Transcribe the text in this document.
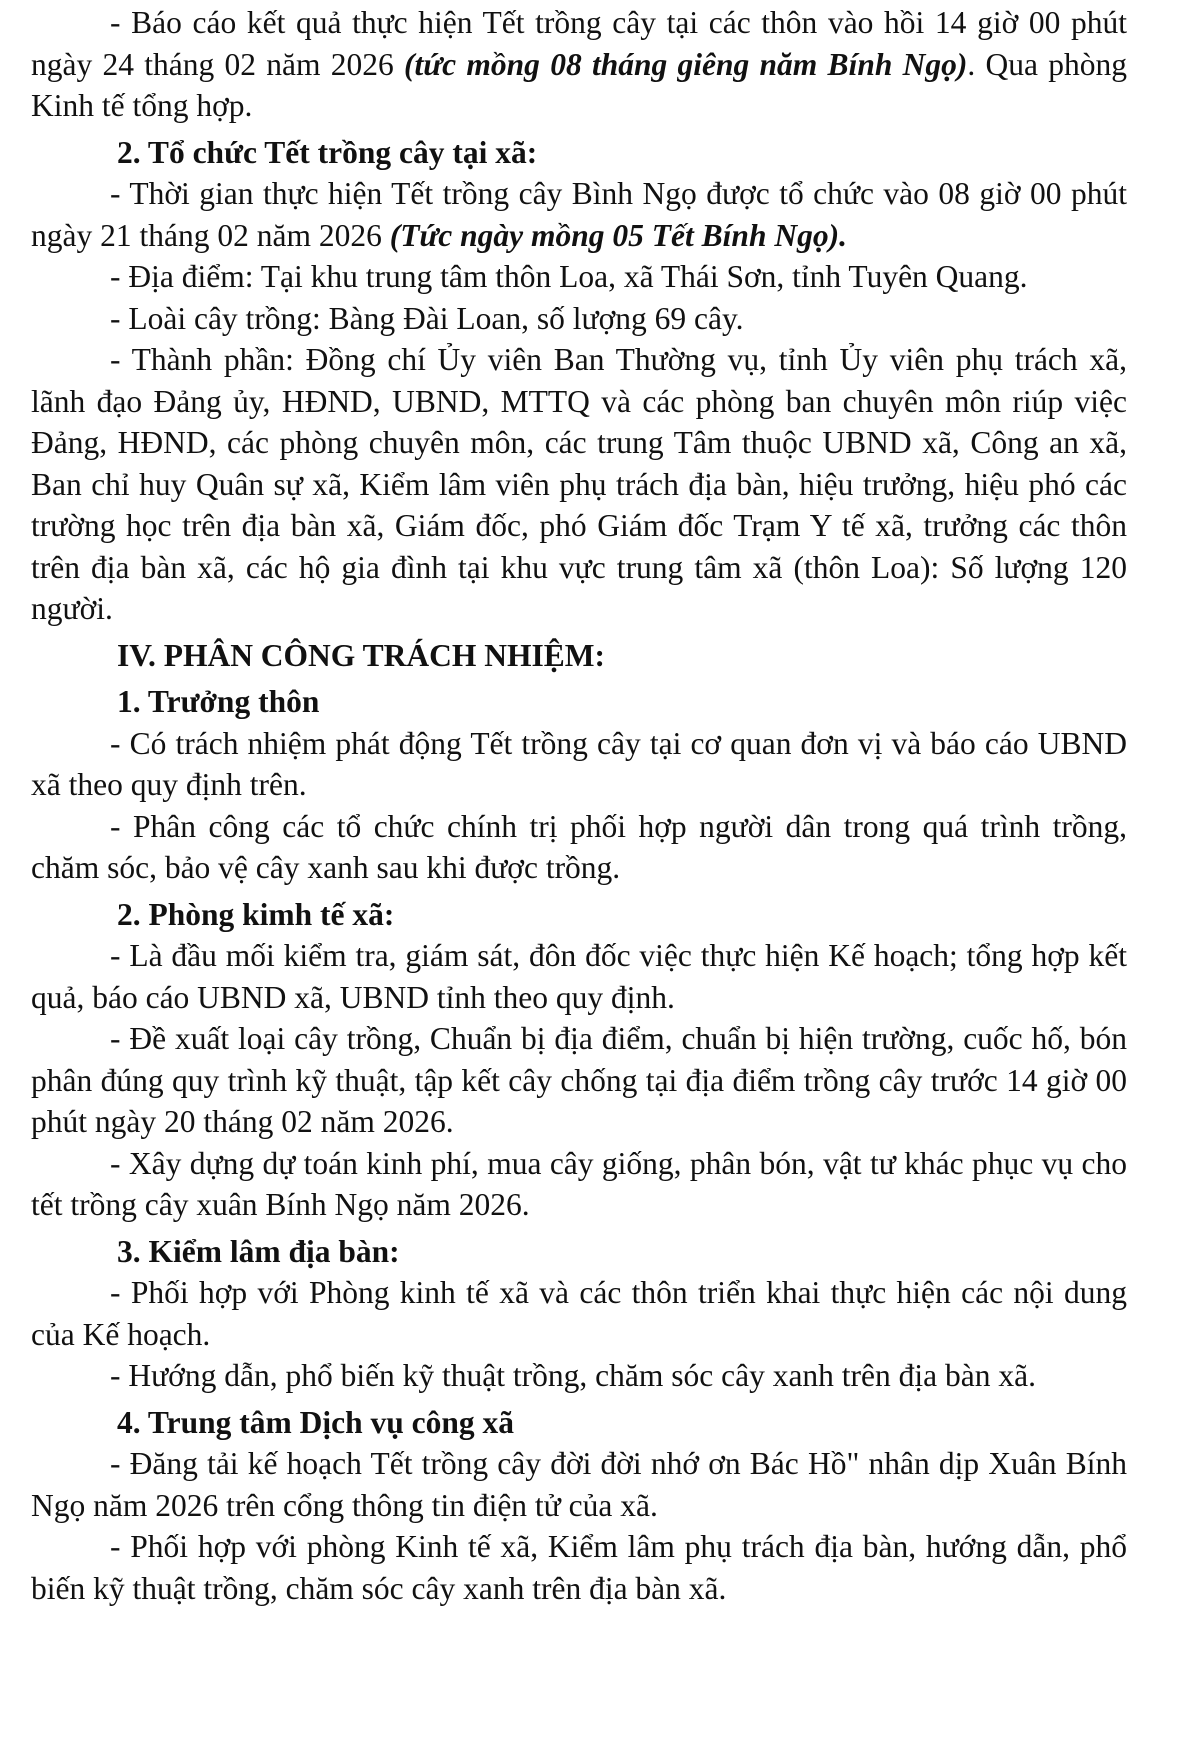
- Báo cáo kết quả thực hiện Tết trồng cây tại các thôn vào hồi 14 giờ 00 phút ngày 24 tháng 02 năm 2026 (tức mồng 08 tháng giêng năm Bính Ngọ). Qua phòng Kinh tế tổng hợp.

2. Tổ chức Tết trồng cây tại xã:

- Thời gian thực hiện Tết trồng cây Bình Ngọ được tổ chức vào 08 giờ 00 phút ngày 21 tháng 02 năm 2026 (Tức ngày mồng 05 Tết Bính Ngọ).

- Địa điểm: Tại khu trung tâm thôn Loa, xã Thái Sơn, tỉnh Tuyên Quang.

- Loài cây trồng: Bàng Đài Loan, số lượng 69 cây.

- Thành phần: Đồng chí Ủy viên Ban Thường vụ, tỉnh Ủy viên phụ trách xã, lãnh đạo Đảng ủy, HĐND, UBND, MTTQ và các phòng ban chuyên môn riúp việc Đảng, HĐND, các phòng chuyên môn, các trung Tâm thuộc UBND xã, Công an xã, Ban chỉ huy Quân sự xã, Kiểm lâm viên phụ trách địa bàn, hiệu trưởng, hiệu phó các trường học trên địa bàn xã, Giám đốc, phó Giám đốc Trạm Y tế xã, trưởng các thôn trên địa bàn xã, các hộ gia đình tại khu vực trung tâm xã (thôn Loa): Số lượng 120 người.

IV. PHÂN CÔNG TRÁCH NHIỆM:

1. Trưởng thôn

- Có trách nhiệm phát động Tết trồng cây tại cơ quan đơn vị và báo cáo UBND xã theo quy định trên.

- Phân công các tổ chức chính trị phối hợp người dân trong quá trình trồng, chăm sóc, bảo vệ cây xanh sau khi được trồng.

2. Phòng kimh tế xã:

- Là đầu mối kiểm tra, giám sát, đôn đốc việc thực hiện Kế hoạch; tổng hợp kết quả, báo cáo UBND xã, UBND tỉnh theo quy định.

- Đề xuất loại cây trồng, Chuẩn bị địa điểm, chuẩn bị hiện trường, cuốc hố, bón phân đúng quy trình kỹ thuật, tập kết cây chống tại địa điểm trồng cây trước 14 giờ 00 phút ngày 20 tháng 02 năm 2026.

- Xây dựng dự toán kinh phí, mua cây giống, phân bón, vật tư khác phục vụ cho tết trồng cây xuân Bính Ngọ năm 2026.

3. Kiểm lâm địa bàn:

- Phối hợp với Phòng kinh tế xã và các thôn triển khai thực hiện các nội dung của Kế hoạch.

- Hướng dẫn, phổ biến kỹ thuật trồng, chăm sóc cây xanh trên địa bàn xã.

4. Trung tâm Dịch vụ công xã

- Đăng tải kế hoạch Tết trồng cây đời đời nhớ ơn Bác Hồ" nhân dịp Xuân Bính Ngọ năm 2026 trên cổng thông tin điện tử của xã.

- Phối hợp với phòng Kinh tế xã, Kiểm lâm phụ trách địa bàn, hướng dẫn, phổ biến kỹ thuật trồng, chăm sóc cây xanh trên địa bàn xã.
